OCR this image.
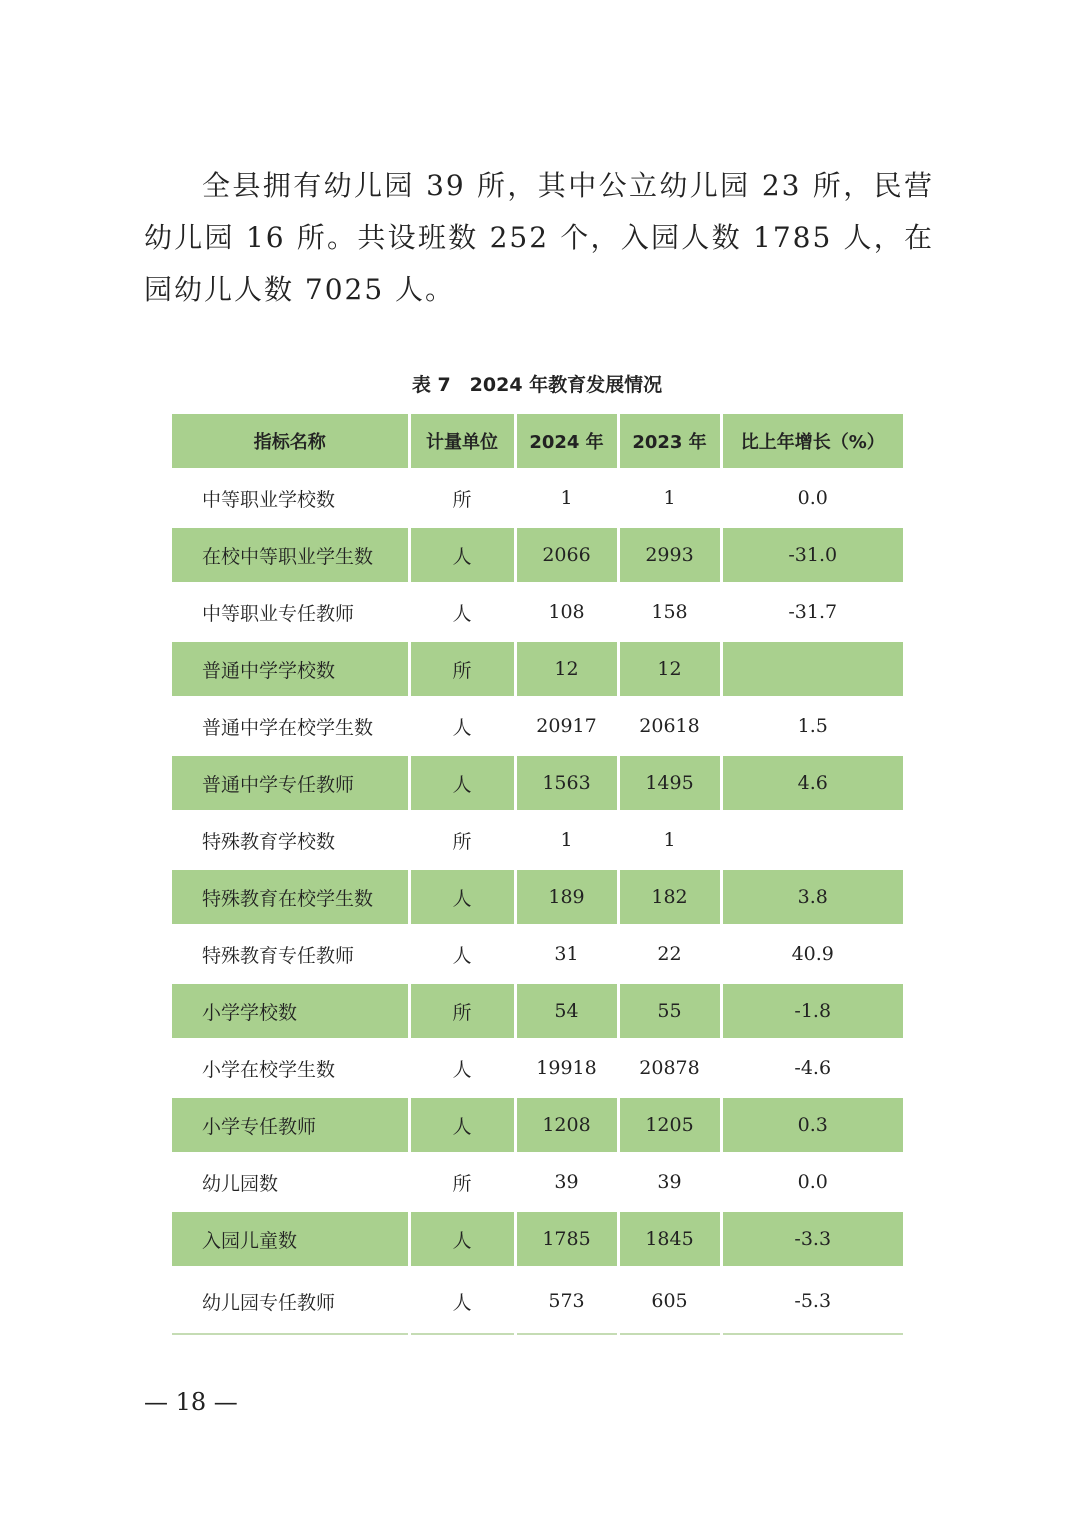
全县拥有幼儿园 39 所，其中公立幼儿园 23 所，民营幼儿园 16 所。共设班数 252 个，入园人数 1785 人，在园幼儿人数 7025 人。

表 7　2024 年教育发展情况
指标名称	计量单位	2024 年	2023 年	比上年增长（%）
中等职业学校数	所	1	1	0.0
在校中等职业学生数	人	2066	2993	-31.0
中等职业专任教师	人	108	158	-31.7
普通中学学校数	所	12	12	
普通中学在校学生数	人	20917	20618	1.5
普通中学专任教师	人	1563	1495	4.6
特殊教育学校数	所	1	1	
特殊教育在校学生数	人	189	182	3.8
特殊教育专任教师	人	31	22	40.9
小学学校数	所	54	55	-1.8
小学在校学生数	人	19918	20878	-4.6
小学专任教师	人	1208	1205	0.3
幼儿园数	所	39	39	0.0
入园儿童数	人	1785	1845	-3.3
幼儿园专任教师	人	573	605	-5.3
— 18 —
